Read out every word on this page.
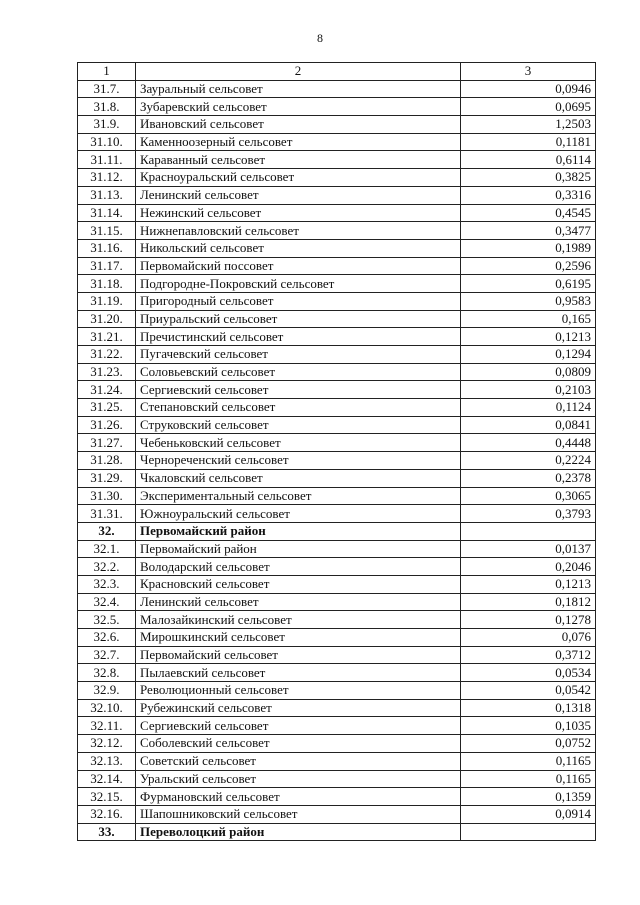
8
1	2	3
31.7.	Зауральный сельсовет	0,0946
31.8.	Зубаревский сельсовет	0,0695
31.9.	Ивановский сельсовет	1,2503
31.10.	Каменноозерный сельсовет	0,1181
31.11.	Караванный сельсовет	0,6114
31.12.	Красноуральский сельсовет	0,3825
31.13.	Ленинский сельсовет	0,3316
31.14.	Нежинский сельсовет	0,4545
31.15.	Нижнепавловский сельсовет	0,3477
31.16.	Никольский сельсовет	0,1989
31.17.	Первомайский поссовет	0,2596
31.18.	Подгородне-Покровский сельсовет	0,6195
31.19.	Пригородный сельсовет	0,9583
31.20.	Приуральский сельсовет	0,165
31.21.	Пречистинский сельсовет	0,1213
31.22.	Пугачевский сельсовет	0,1294
31.23.	Соловьевский сельсовет	0,0809
31.24.	Сергиевский сельсовет	0,2103
31.25.	Степановский сельсовет	0,1124
31.26.	Струковский сельсовет	0,0841
31.27.	Чебеньковский сельсовет	0,4448
31.28.	Чернореченский сельсовет	0,2224
31.29.	Чкаловский сельсовет	0,2378
31.30.	Экспериментальный сельсовет	0,3065
31.31.	Южноуральский сельсовет	0,3793
32.	Первомайский район	
32.1.	Первомайский район	0,0137
32.2.	Володарский сельсовет	0,2046
32.3.	Красновский сельсовет	0,1213
32.4.	Ленинский сельсовет	0,1812
32.5.	Малозайкинский сельсовет	0,1278
32.6.	Мирошкинский сельсовет	0,076
32.7.	Первомайский сельсовет	0,3712
32.8.	Пылаевский сельсовет	0,0534
32.9.	Революционный сельсовет	0,0542
32.10.	Рубежинский сельсовет	0,1318
32.11.	Сергиевский сельсовет	0,1035
32.12.	Соболевский сельсовет	0,0752
32.13.	Советский сельсовет	0,1165
32.14.	Уральский сельсовет	0,1165
32.15.	Фурмановский сельсовет	0,1359
32.16.	Шапошниковский сельсовет	0,0914
33.	Переволоцкий район	
